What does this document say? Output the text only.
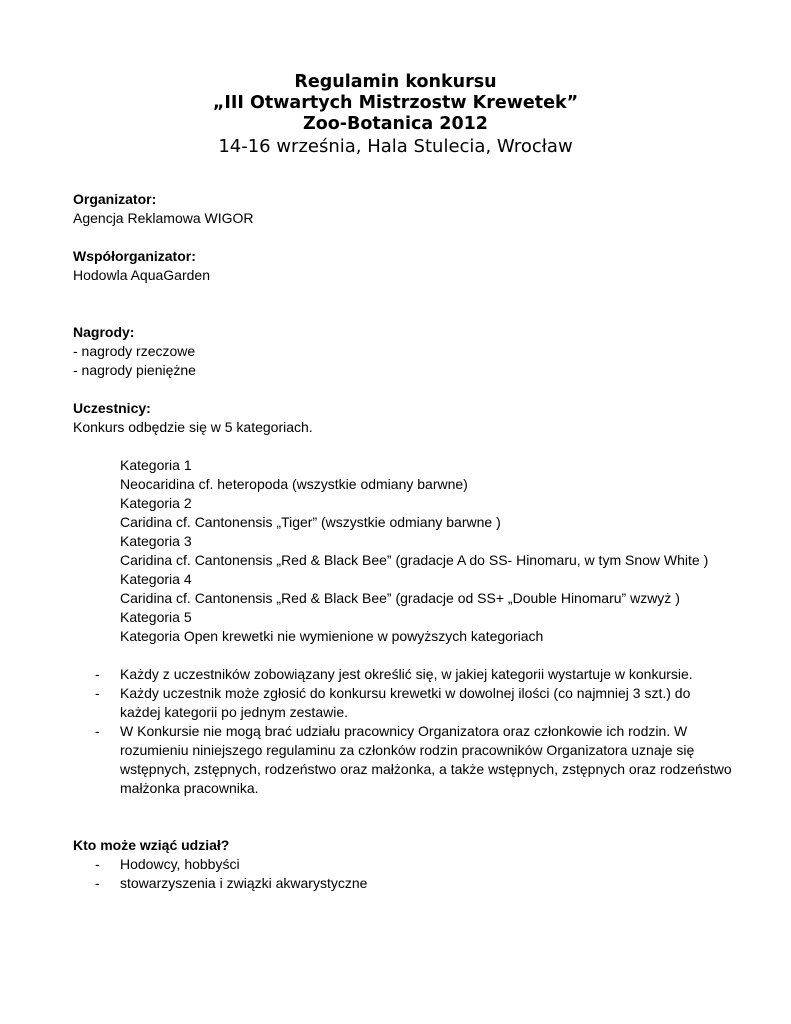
Regulamin konkursu

„III Otwartych Mistrzostw Krewetek”

Zoo-Botanica 2012

14-16 września, Hala Stulecia, Wrocław

Organizator:

Agencja Reklamowa WIGOR

Współorganizator:

Hodowla AquaGarden

Nagrody:

- nagrody rzeczowe

- nagrody pieniężne

Uczestnicy:

Konkurs odbędzie się w 5 kategoriach.

Kategoria 1

Neocaridina cf. heteropoda (wszystkie odmiany barwne)

Kategoria 2

Caridina cf. Cantonensis „Tiger” (wszystkie odmiany barwne )

Kategoria 3

Caridina cf. Cantonensis „Red & Black Bee” (gradacje A do SS- Hinomaru, w tym Snow White )

Kategoria 4

Caridina cf. Cantonensis „Red & Black Bee” (gradacje od SS+ „Double Hinomaru” wzwyż )

Kategoria 5

Kategoria Open krewetki nie wymienione w powyższych kategoriach

- Każdy z uczestników zobowiązany jest określić się, w jakiej kategorii wystartuje w konkursie.
- Każdy uczestnik może zgłosić do konkursu krewetki w dowolnej ilości (co najmniej 3 szt.) do każdej kategorii po jednym zestawie.
- W Konkursie nie mogą brać udziału pracownicy Organizatora oraz członkowie ich rodzin. W rozumieniu niniejszego regulaminu za członków rodzin pracowników Organizatora uznaje się wstępnych, zstępnych, rodzeństwo oraz małżonka, a także wstępnych, zstępnych oraz rodzeństwo małżonka pracownika.

Kto może wziąć udział?

- Hodowcy, hobbyści
- stowarzyszenia i związki akwarystyczne
